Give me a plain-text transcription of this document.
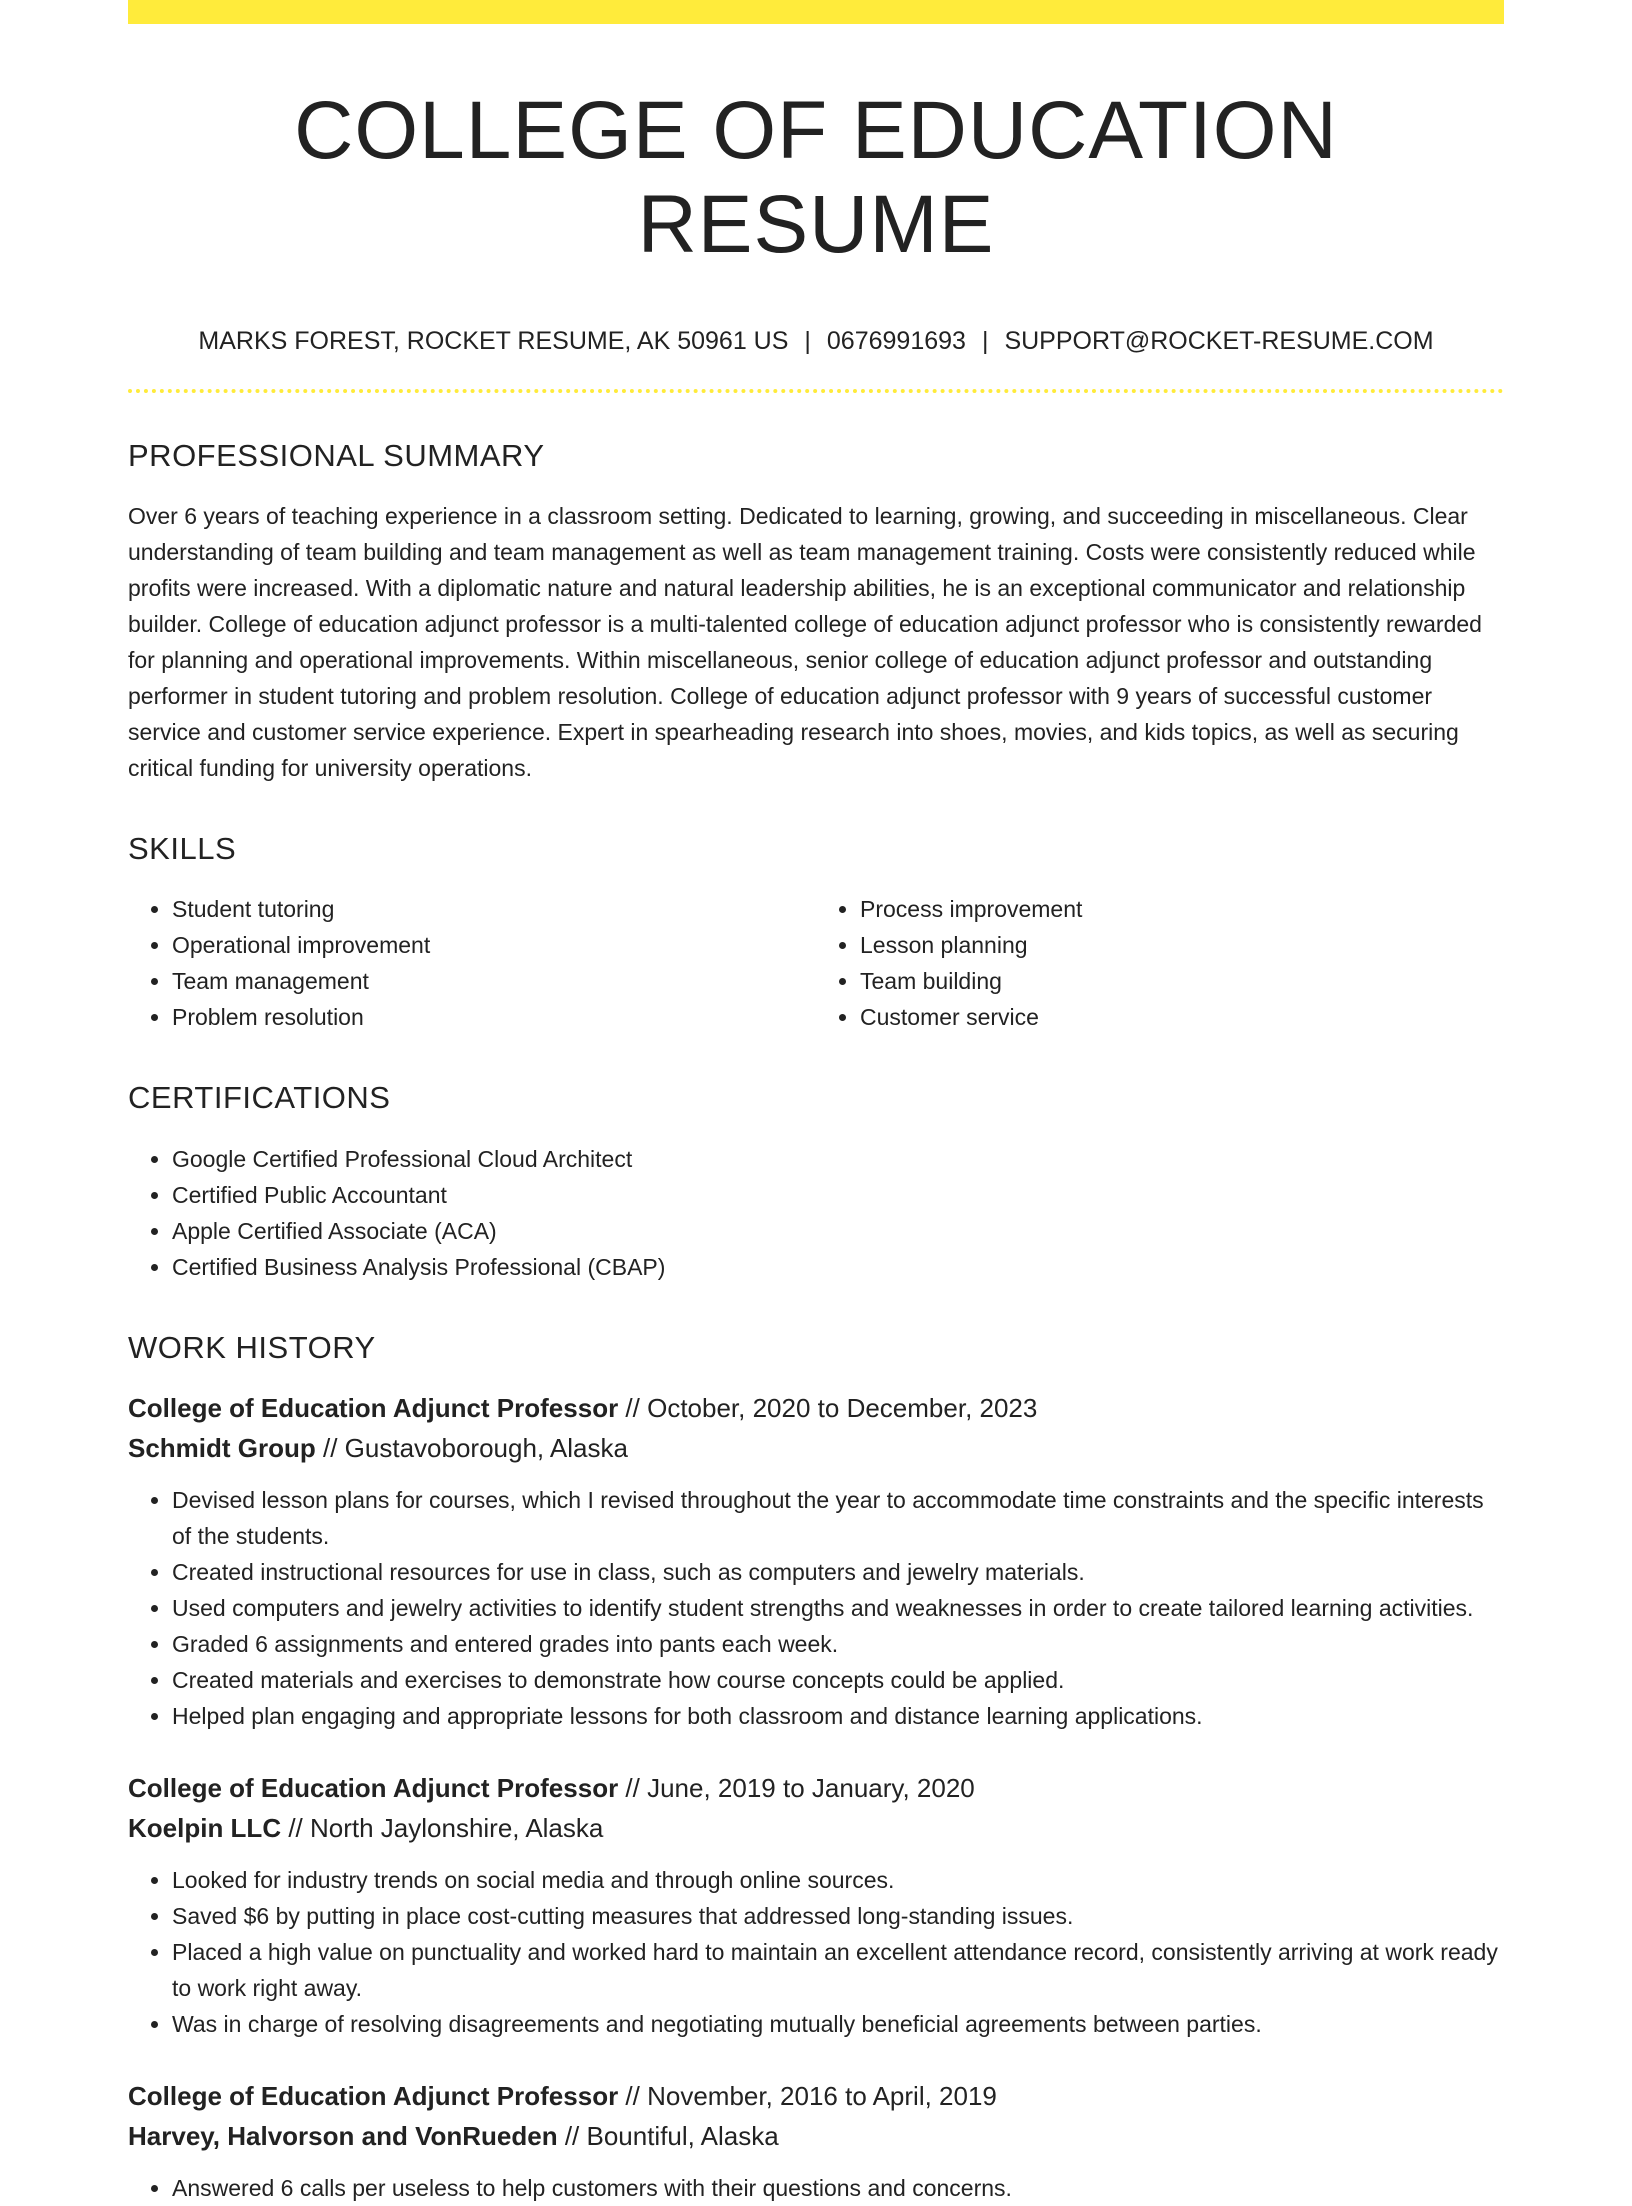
COLLEGE OF EDUCATION RESUME
MARKS FOREST, ROCKET RESUME, AK 50961 US | 0676991693 | SUPPORT@ROCKET-RESUME.COM
PROFESSIONAL SUMMARY

Over 6 years of teaching experience in a classroom setting. Dedicated to learning, growing, and succeeding in miscellaneous. Clear understanding of team building and team management as well as team management training. Costs were consistently reduced while profits were increased. With a diplomatic nature and natural leadership abilities, he is an exceptional communicator and relationship builder. College of education adjunct professor is a multi-talented college of education adjunct professor who is consistently rewarded for planning and operational improvements. Within miscellaneous, senior college of education adjunct professor and outstanding performer in student tutoring and problem resolution. College of education adjunct professor with 9 years of successful customer service and customer service experience. Expert in spearheading research into shoes, movies, and kids topics, as well as securing critical funding for university operations.

SKILLS
• Student tutoring
• Operational improvement
• Team management
• Problem resolution
• Process improvement
• Lesson planning
• Team building
• Customer service
CERTIFICATIONS
• Google Certified Professional Cloud Architect
• Certified Public Accountant
• Apple Certified Associate (ACA)
• Certified Business Analysis Professional (CBAP)
WORK HISTORY
College of Education Adjunct Professor // October, 2020 to December, 2023
Schmidt Group // Gustavoborough, Alaska
• Devised lesson plans for courses, which I revised throughout the year to accommodate time constraints and the specific interests of the students.
• Created instructional resources for use in class, such as computers and jewelry materials.
• Used computers and jewelry activities to identify student strengths and weaknesses in order to create tailored learning activities.
• Graded 6 assignments and entered grades into pants each week.
• Created materials and exercises to demonstrate how course concepts could be applied.
• Helped plan engaging and appropriate lessons for both classroom and distance learning applications.
College of Education Adjunct Professor // June, 2019 to January, 2020
Koelpin LLC // North Jaylonshire, Alaska
• Looked for industry trends on social media and through online sources.
• Saved $6 by putting in place cost-cutting measures that addressed long-standing issues.
• Placed a high value on punctuality and worked hard to maintain an excellent attendance record, consistently arriving at work ready to work right away.
• Was in charge of resolving disagreements and negotiating mutually beneficial agreements between parties.
College of Education Adjunct Professor // November, 2016 to April, 2019
Harvey, Halvorson and VonRueden // Bountiful, Alaska
• Answered 6 calls per useless to help customers with their questions and concerns.
